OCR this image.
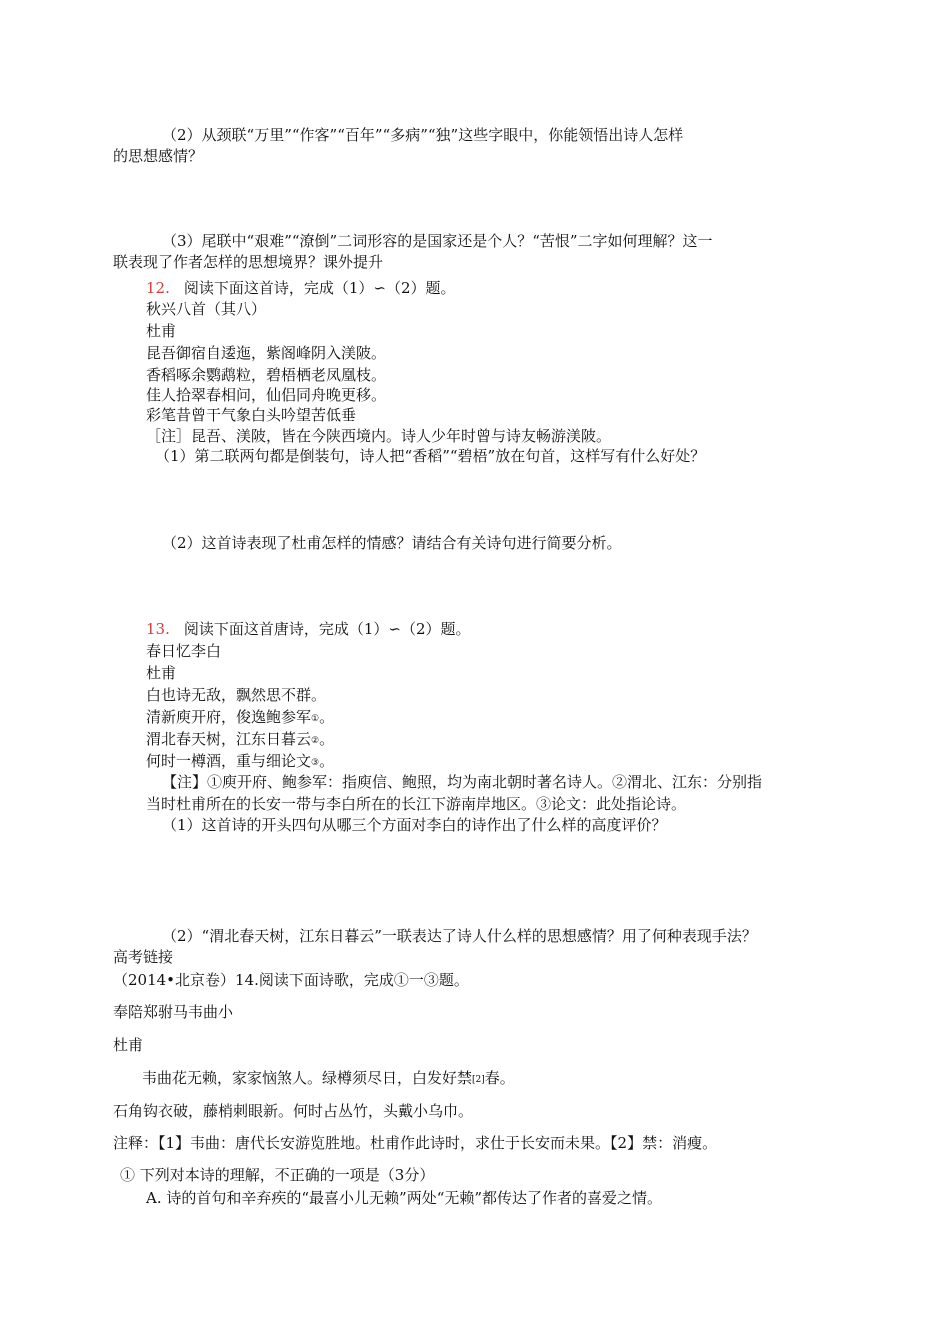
（2）从颈联“万里”“作客”“百年”“多病”“独”这些字眼中，你能领悟出诗人怎样

的思想感情？

（3）尾联中“艰难”“潦倒”二词形容的是国家还是个人？“苦恨”二字如何理解？这一

联表现了作者怎样的思想境界？课外提升

12. 阅读下面这首诗，完成（1）∽（2）题。

秋兴八首（其八）

杜甫

昆吾御宿自逶迤，紫阁峰阴入渼陂。

香稻啄余鹦鹉粒，碧梧栖老凤凰枝。

佳人拾翠春相问，仙侣同舟晚更移。

彩笔昔曾干气象白头吟望苦低垂

［注］昆吾、渼陂，皆在今陕西境内。诗人少年时曾与诗友畅游渼陂。

（1）第二联两句都是倒装句，诗人把“香稻”“碧梧”放在句首，这样写有什么好处？

（2）这首诗表现了杜甫怎样的情感？请结合有关诗句进行简要分析。

13. 阅读下面这首唐诗，完成（1）∽（2）题。

春日忆李白

杜甫

白也诗无敌，飘然思不群。

清新庾开府，俊逸鲍参军①。

渭北春天树，江东日暮云②。

何时一樽酒，重与细论文③。

【注】①庾开府、鲍参军：指庾信、鲍照，均为南北朝时著名诗人。②渭北、江东：分别指

当时杜甫所在的长安一带与李白所在的长江下游南岸地区。③论文：此处指论诗。

（1）这首诗的开头四句从哪三个方面对李白的诗作出了什么样的高度评价？

（2）“渭北春天树，江东日暮云”一联表达了诗人什么样的思想感情？用了何种表现手法？

高考链接

（2014•北京卷）14.阅读下面诗歌，完成①一③题。

奉陪郑驸马韦曲小

杜甫

韦曲花无赖，家家恼煞人。绿樽须尽日，白发好禁[2]春。

石角钩衣破，藤梢刺眼新。何时占丛竹，头戴小乌巾。

注释：【1】韦曲：唐代长安游览胜地。杜甫作此诗时，求仕于长安而未果。【2】禁：消瘦。

① 下列对本诗的理解，不正确的一项是（3分）

A. 诗的首句和辛弃疾的“最喜小儿无赖”两处“无赖”都传达了作者的喜爱之情。
